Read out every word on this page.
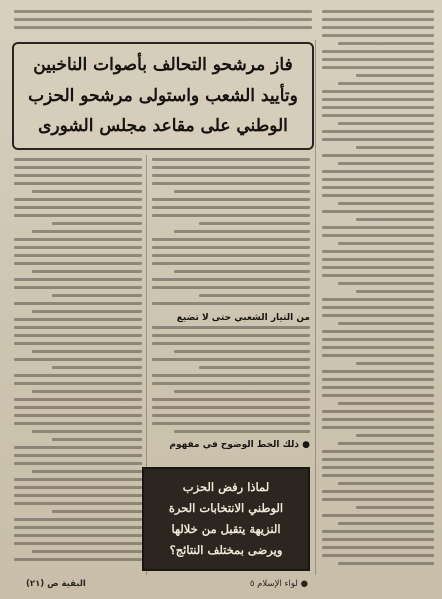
فاز مرشحو التحالف بأصوات الناخبين
وتأييد الشعب واستولى مرشحو الحزب
الوطني على مقاعد مجلس الشورى
من التيار الشعبي حتى لا تضيع
● ذلك الخط الوضوح في مفهوم
لماذا رفض الحزب
الوطني الانتخابات الحرة
النزيهة يتقبل من خلالها
ويرضى بمختلف النتائج؟
● لواء الإسلام ٥
البقية ص (٢١)
